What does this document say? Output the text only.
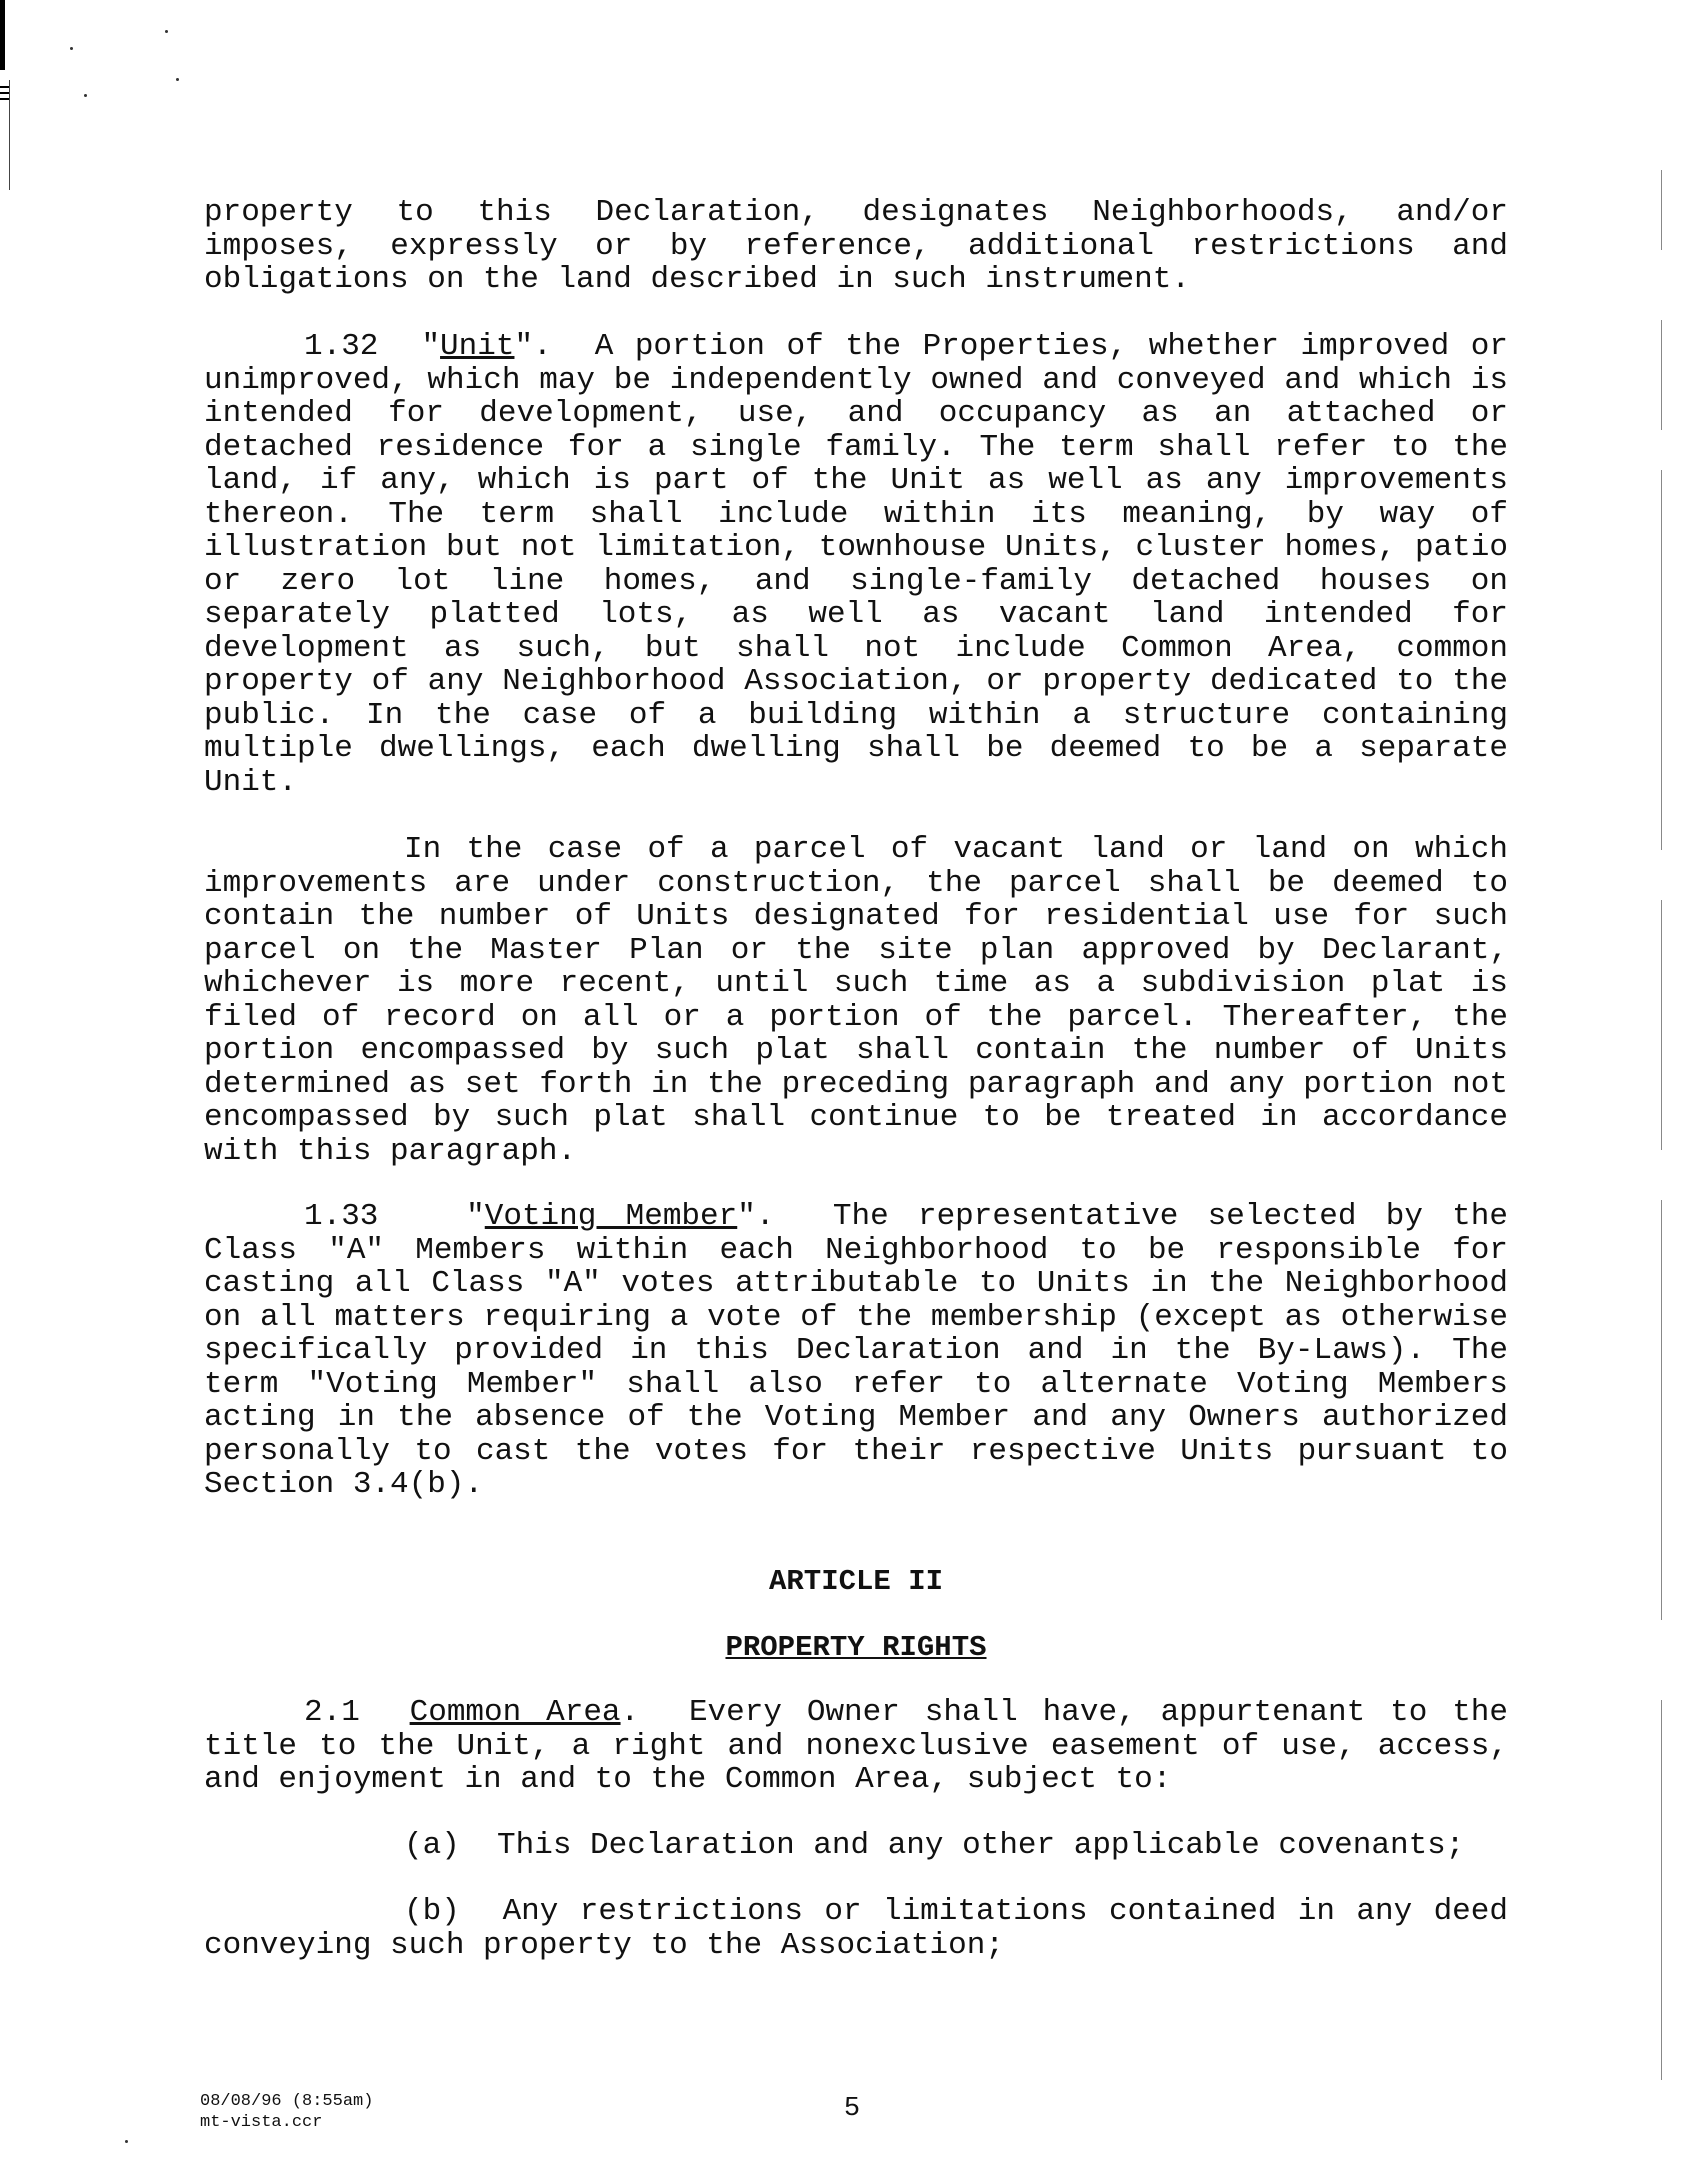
property to this Declaration, designates Neighborhoods, and/or imposes, expressly or by reference, additional restrictions and obligations on the land described in such instrument.

1.32  "Unit".  A portion of the Properties, whether improved or unimproved, which may be independently owned and conveyed and which is intended for development, use, and occupancy as an attached or detached residence for a single family. The term shall refer to the land, if any, which is part of the Unit as well as any improvements thereon. The term shall include within its meaning, by way of illustration but not limitation, townhouse Units, cluster homes, patio or zero lot line homes, and single-family detached houses on separately platted lots, as well as vacant land intended for development as such, but shall not include Common Area, common property of any Neighborhood Association, or property dedicated to the public. In the case of a building within a structure containing multiple dwellings, each dwelling shall be deemed to be a separate Unit.

In the case of a parcel of vacant land or land on which improvements are under construction, the parcel shall be deemed to contain the number of Units designated for residential use for such parcel on the Master Plan or the site plan approved by Declarant, whichever is more recent, until such time as a subdivision plat is filed of record on all or a portion of the parcel. Thereafter, the portion encompassed by such plat shall contain the number of Units determined as set forth in the preceding paragraph and any portion not encompassed by such plat shall continue to be treated in accordance with this paragraph.

1.33   "Voting Member".  The representative selected by the Class "A" Members within each Neighborhood to be responsible for casting all Class "A" votes attributable to Units in the Neighborhood on all matters requiring a vote of the membership (except as otherwise specifically provided in this Declaration and in the By-Laws). The term "Voting Member" shall also refer to alternate Voting Members acting in the absence of the Voting Member and any Owners authorized personally to cast the votes for their respective Units pursuant to Section 3.4(b).

ARTICLE II
PROPERTY RIGHTS

2.1 Common Area.  Every Owner shall have, appurtenant to the title to the Unit, a right and nonexclusive easement of use, access, and enjoyment in and to the Common Area, subject to:

(a) This Declaration and any other applicable covenants;

(b) Any restrictions or limitations contained in any deed conveying such property to the Association;

08/08/96 (8:55am)
mt-vista.ccr	5
